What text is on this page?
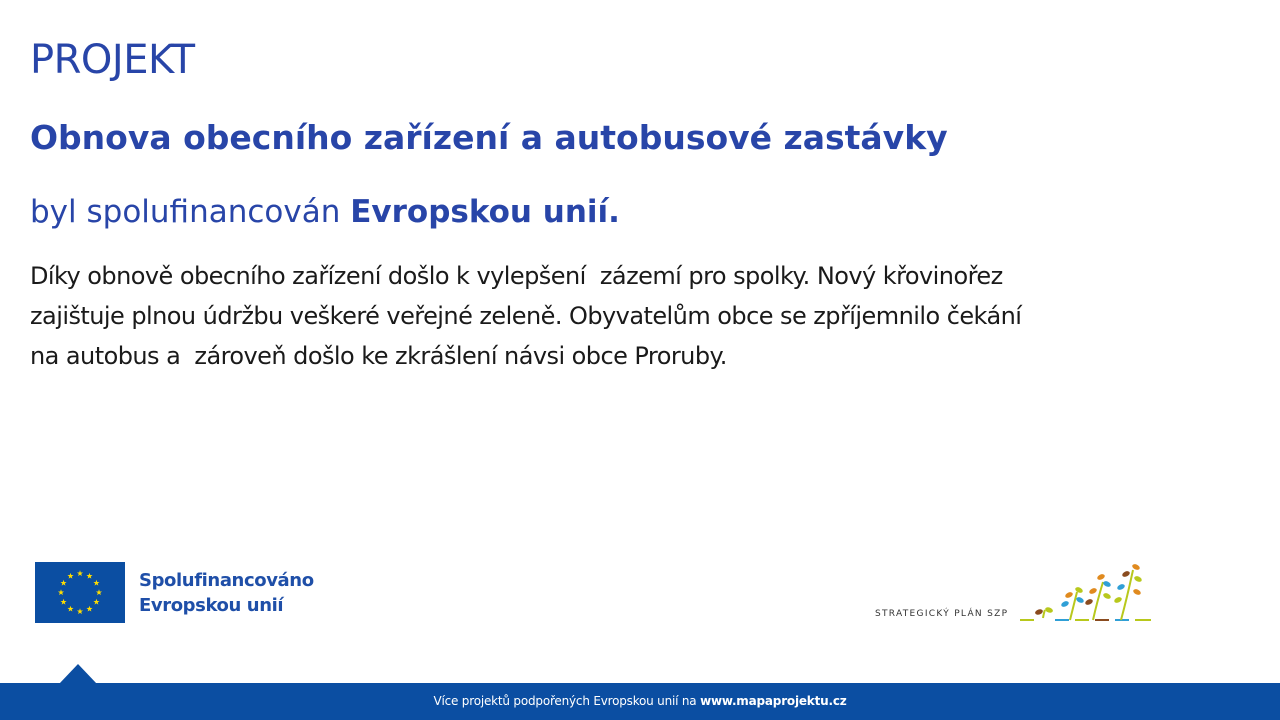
PROJEKT
Obnova obecního zařízení a autobusové zastávky
byl spolufinancován Evropskou unií.
Díky obnově obecního zařízení došlo k vylepšení  zázemí pro spolky. Nový křovinořez
zajištuje plnou údržbu veškeré veřejné zeleně. Obyvatelům obce se zpříjemnilo čekání
na autobus a  zároveň došlo ke zkrášlení návsi obce Proruby.
Spolufinancováno
Evropskou unií	STRATEGICKÝ PLÁN SZP
Více projektů podpořených Evropskou unií na www.mapaprojektu.cz
